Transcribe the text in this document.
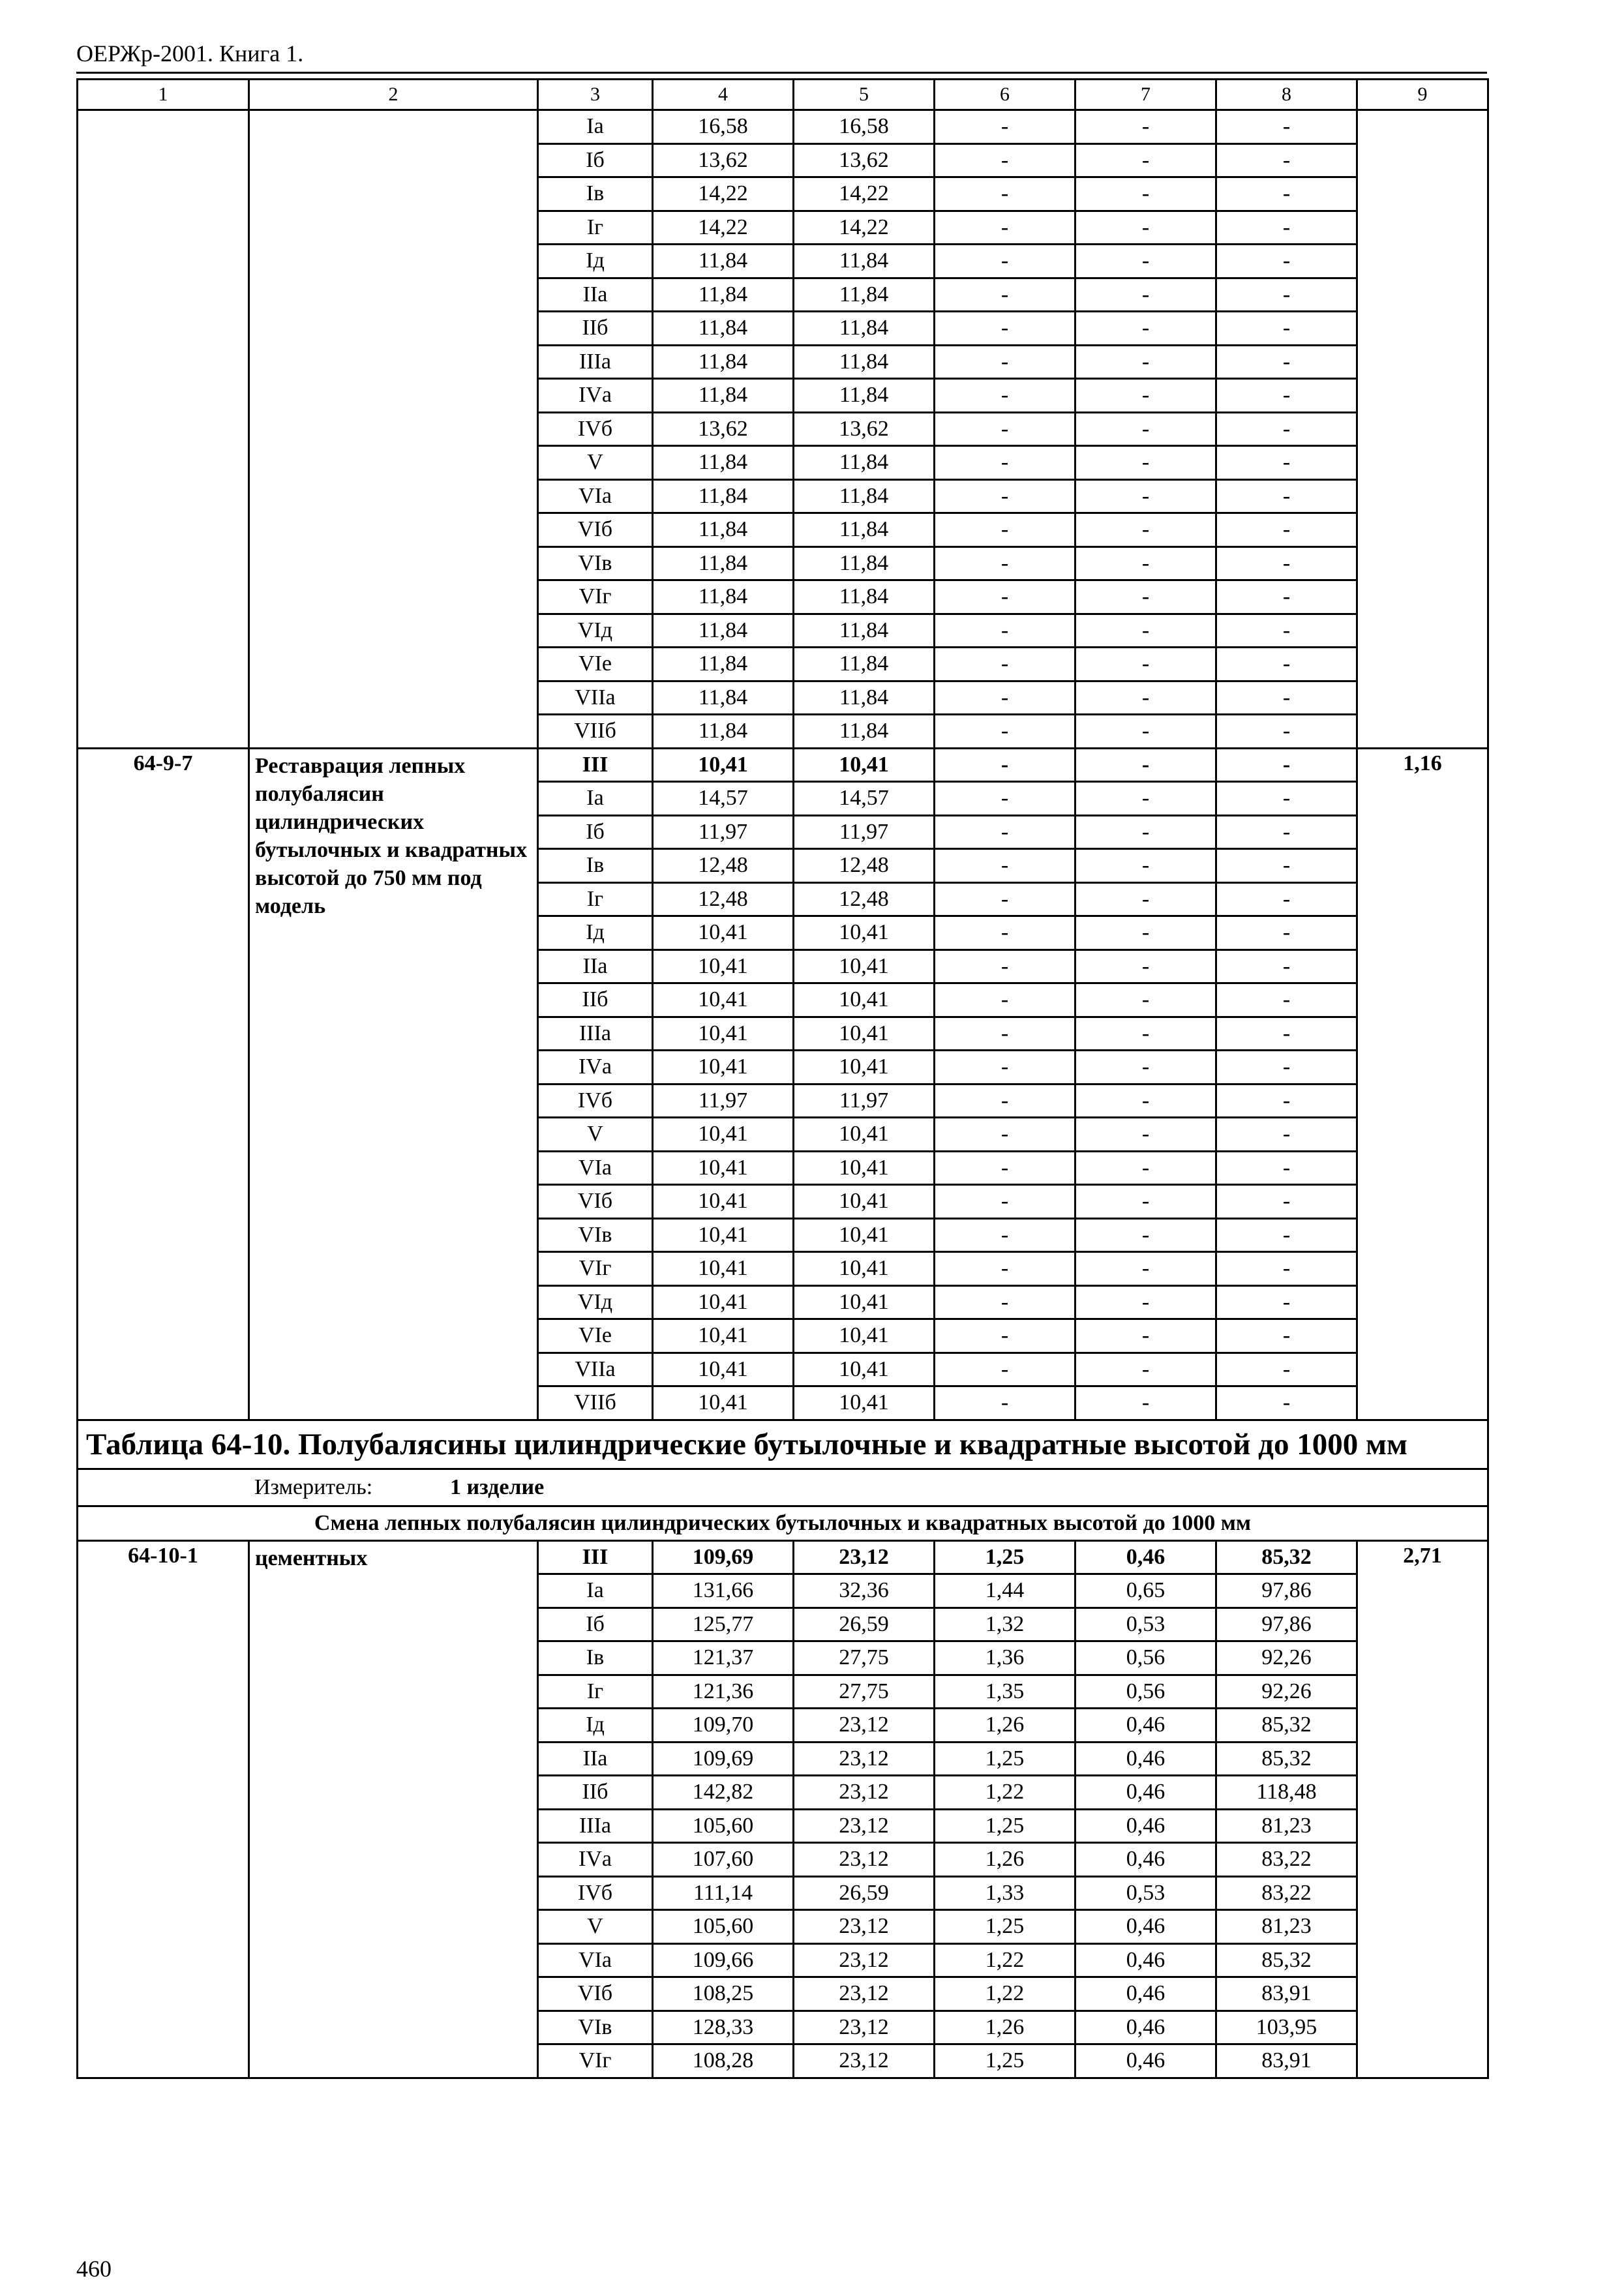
ОЕРЖр-2001. Книга 1.
1	2	3	4	5	6	7	8	9
		Iа	16,58	16,58	-	-	-	
		Iб	13,62	13,62	-	-	-	
		Iв	14,22	14,22	-	-	-	
		Iг	14,22	14,22	-	-	-	
		Iд	11,84	11,84	-	-	-	
		IIа	11,84	11,84	-	-	-	
		IIб	11,84	11,84	-	-	-	
		IIIа	11,84	11,84	-	-	-	
		IVа	11,84	11,84	-	-	-	
		IVб	13,62	13,62	-	-	-	
		V	11,84	11,84	-	-	-	
		VIа	11,84	11,84	-	-	-	
		VIб	11,84	11,84	-	-	-	
		VIв	11,84	11,84	-	-	-	
		VIг	11,84	11,84	-	-	-	
		VIд	11,84	11,84	-	-	-	
		VIе	11,84	11,84	-	-	-	
		VIIа	11,84	11,84	-	-	-	
		VIIб	11,84	11,84	-	-	-	
64-9-7	Реставрация лепных полубалясин цилиндрических бутылочных и квадратных высотой до 750 мм под модель	III	10,41	10,41	-	-	-	1,16
		Iа	14,57	14,57	-	-	-	
		Iб	11,97	11,97	-	-	-	
		Iв	12,48	12,48	-	-	-	
		Iг	12,48	12,48	-	-	-	
		Iд	10,41	10,41	-	-	-	
		IIа	10,41	10,41	-	-	-	
		IIб	10,41	10,41	-	-	-	
		IIIа	10,41	10,41	-	-	-	
		IVа	10,41	10,41	-	-	-	
		IVб	11,97	11,97	-	-	-	
		V	10,41	10,41	-	-	-	
		VIа	10,41	10,41	-	-	-	
		VIб	10,41	10,41	-	-	-	
		VIв	10,41	10,41	-	-	-	
		VIг	10,41	10,41	-	-	-	
		VIд	10,41	10,41	-	-	-	
		VIе	10,41	10,41	-	-	-	
		VIIа	10,41	10,41	-	-	-	
		VIIб	10,41	10,41	-	-	-	
Таблица 64-10. Полубалясины цилиндрические бутылочные и квадратные высотой до 1000 мм								
Измеритель: 1 изделие								
Смена лепных полубалясин цилиндрических бутылочных и квадратных высотой до 1000 мм								
64-10-1	цементных	III	109,69	23,12	1,25	0,46	85,32	2,71
		Iа	131,66	32,36	1,44	0,65	97,86	
		Iб	125,77	26,59	1,32	0,53	97,86	
		Iв	121,37	27,75	1,36	0,56	92,26	
		Iг	121,36	27,75	1,35	0,56	92,26	
		Iд	109,70	23,12	1,26	0,46	85,32	
		IIа	109,69	23,12	1,25	0,46	85,32	
		IIб	142,82	23,12	1,22	0,46	118,48	
		IIIа	105,60	23,12	1,25	0,46	81,23	
		IVа	107,60	23,12	1,26	0,46	83,22	
		IVб	111,14	26,59	1,33	0,53	83,22	
		V	105,60	23,12	1,25	0,46	81,23	
		VIа	109,66	23,12	1,22	0,46	85,32	
		VIб	108,25	23,12	1,22	0,46	83,91	
		VIв	128,33	23,12	1,26	0,46	103,95	
		VIг	108,28	23,12	1,25	0,46	83,91	
460
